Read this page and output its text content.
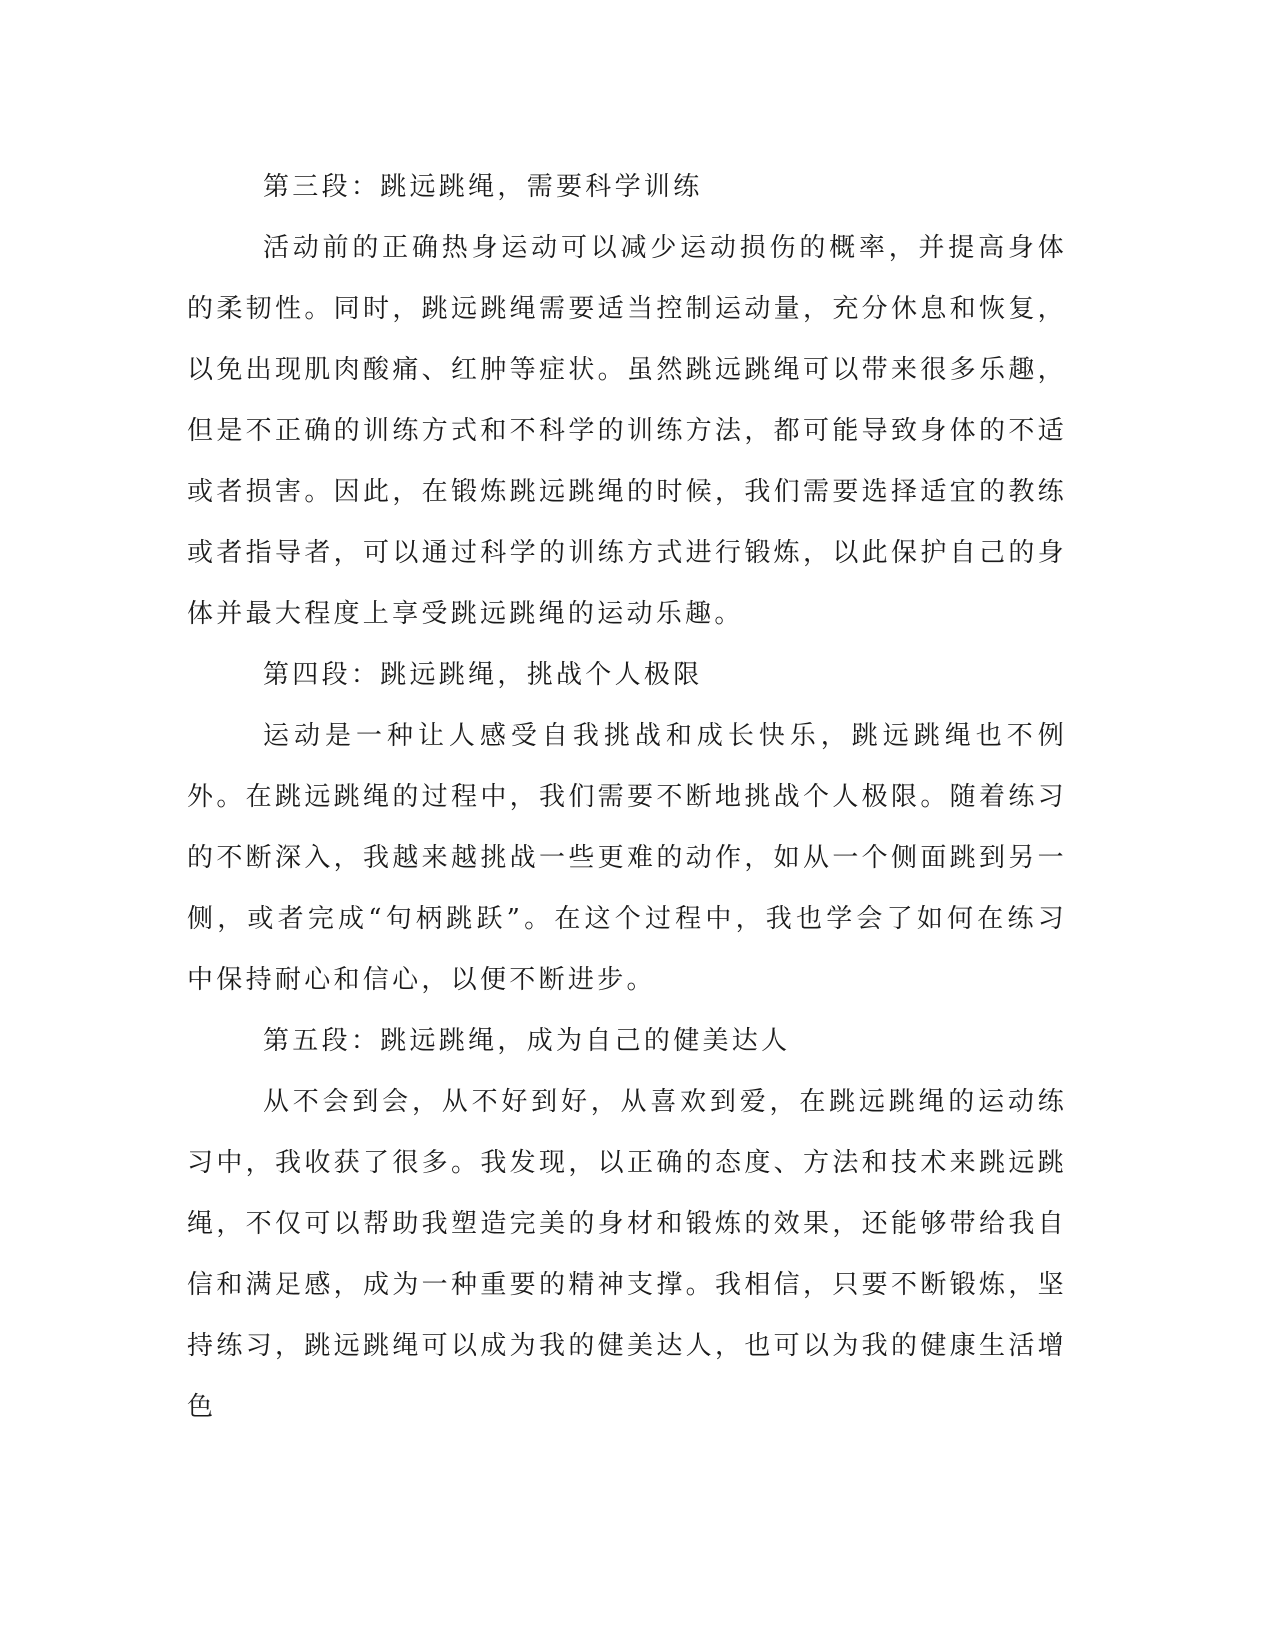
第三段：跳远跳绳，需要科学训练

活动前的正确热身运动可以减少运动损伤的概率，并提高身体的柔韧性。同时，跳远跳绳需要适当控制运动量，充分休息和恢复，以免出现肌肉酸痛、红肿等症状。虽然跳远跳绳可以带来很多乐趣，但是不正确的训练方式和不科学的训练方法，都可能导致身体的不适或者损害。因此，在锻炼跳远跳绳的时候，我们需要选择适宜的教练或者指导者，可以通过科学的训练方式进行锻炼，以此保护自己的身体并最大程度上享受跳远跳绳的运动乐趣。

第四段：跳远跳绳，挑战个人极限

运动是一种让人感受自我挑战和成长快乐，跳远跳绳也不例外。在跳远跳绳的过程中，我们需要不断地挑战个人极限。随着练习的不断深入，我越来越挑战一些更难的动作，如从一个侧面跳到另一侧，或者完成“句柄跳跃”。在这个过程中，我也学会了如何在练习中保持耐心和信心，以便不断进步。

第五段：跳远跳绳，成为自己的健美达人

从不会到会，从不好到好，从喜欢到爱，在跳远跳绳的运动练习中，我收获了很多。我发现，以正确的态度、方法和技术来跳远跳绳，不仅可以帮助我塑造完美的身材和锻炼的效果，还能够带给我自信和满足感，成为一种重要的精神支撑。我相信，只要不断锻炼，坚持练习，跳远跳绳可以成为我的健美达人，也可以为我的健康生活增色
